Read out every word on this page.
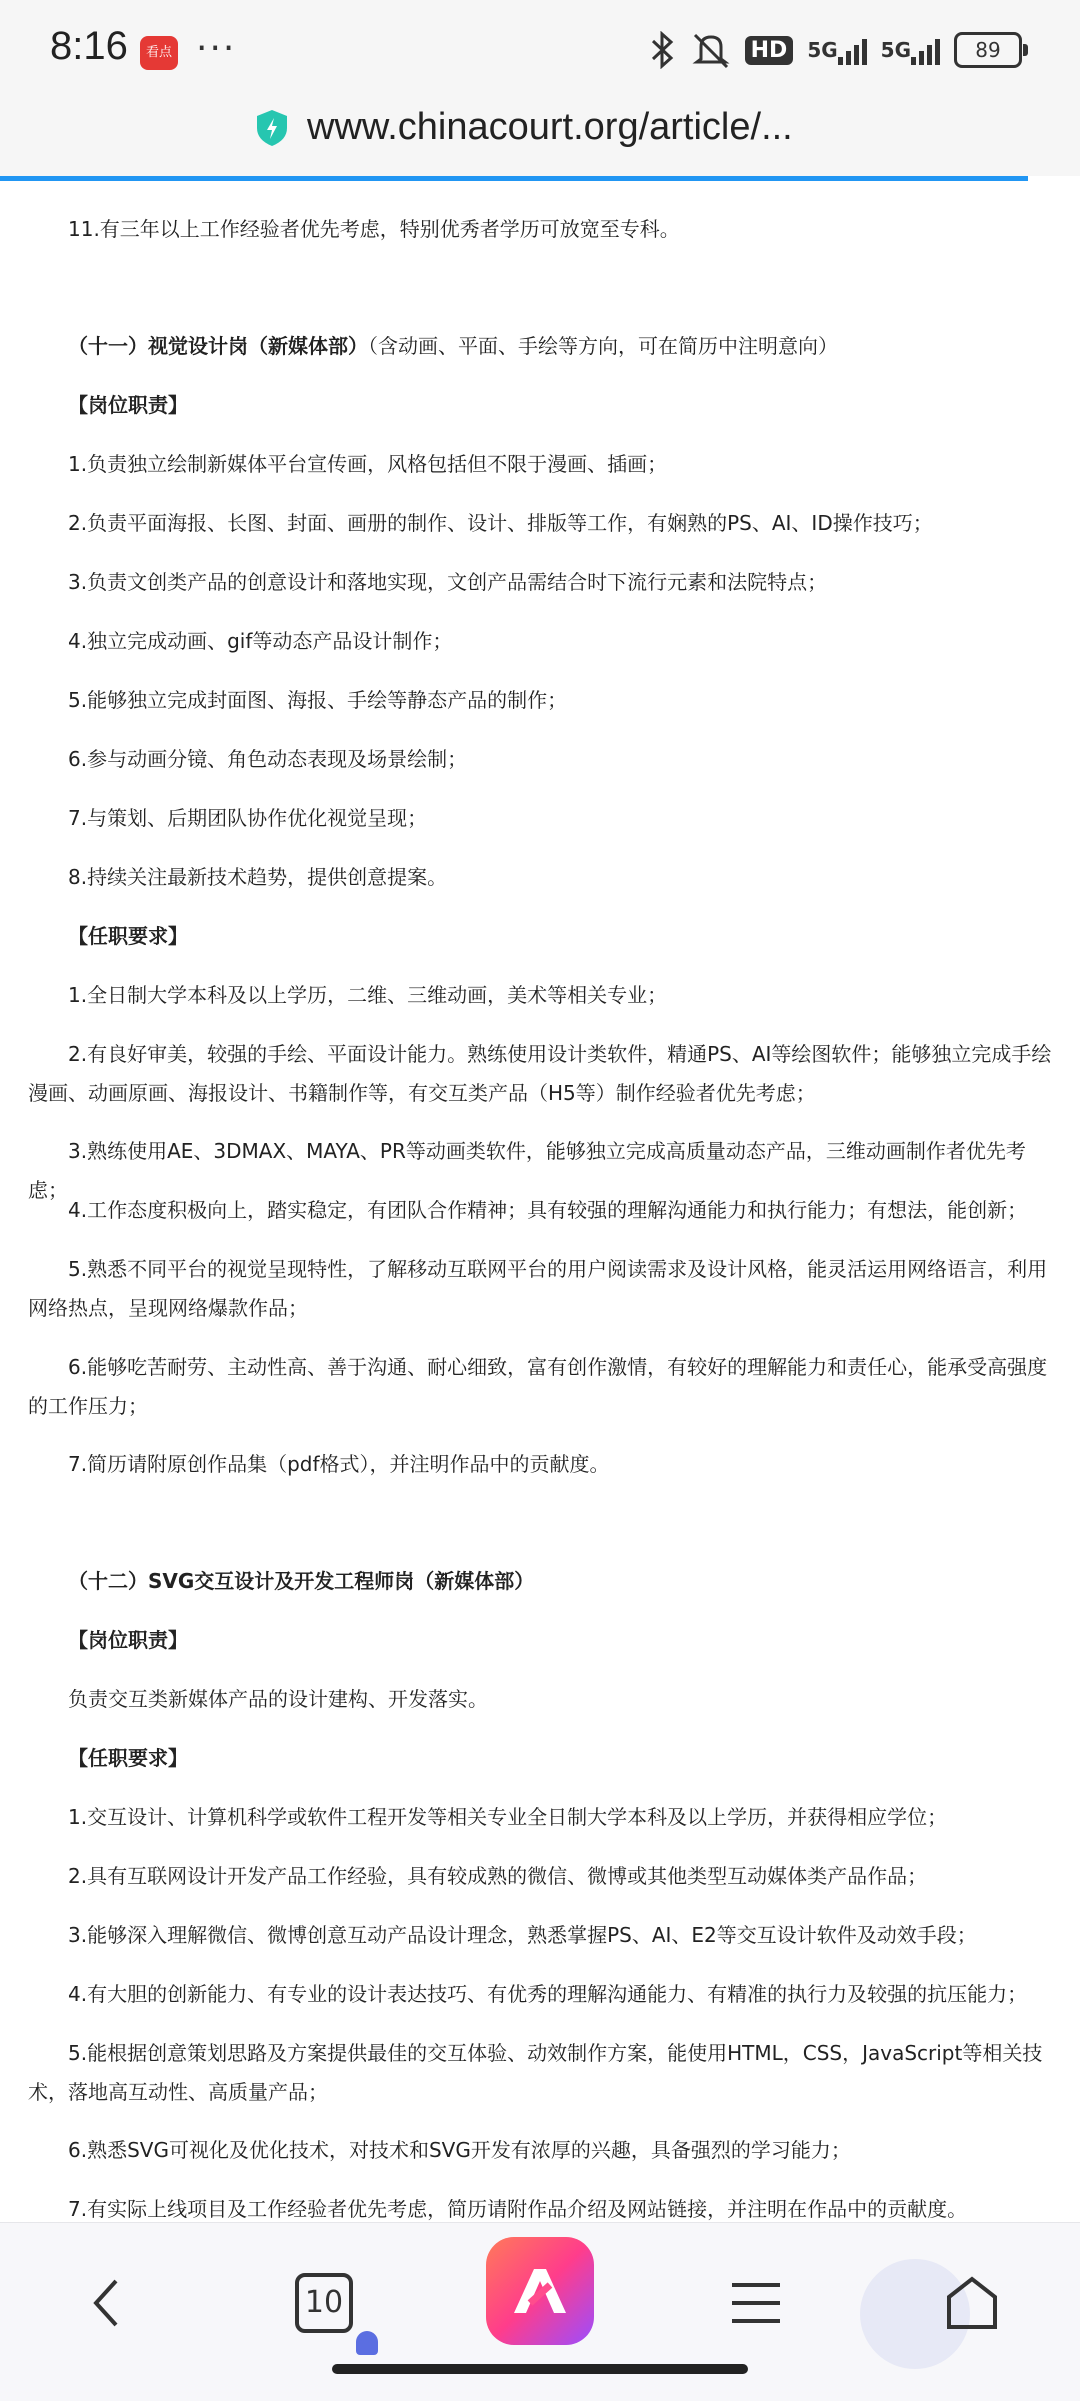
8:16	看点 ···	HD	5G 5G	89
www.chinacourt.org/article/...
11.有三年以上工作经验者优先考虑，特别优秀者学历可放宽至专科。
（十一）视觉设计岗（新媒体部）（含动画、平面、手绘等方向，可在简历中注明意向）
【岗位职责】
1.负责独立绘制新媒体平台宣传画，风格包括但不限于漫画、插画；
2.负责平面海报、长图、封面、画册的制作、设计、排版等工作，有娴熟的PS、AI、ID操作技巧；
3.负责文创类产品的创意设计和落地实现，文创产品需结合时下流行元素和法院特点；
4.独立完成动画、gif等动态产品设计制作；
5.能够独立完成封面图、海报、手绘等静态产品的制作；
6.参与动画分镜、角色动态表现及场景绘制；
7.与策划、后期团队协作优化视觉呈现；
8.持续关注最新技术趋势，提供创意提案。
【任职要求】
1.全日制大学本科及以上学历，二维、三维动画，美术等相关专业；
2.有良好审美，较强的手绘、平面设计能力。熟练使用设计类软件，精通PS、AI等绘图软件；能够独立完成手绘漫画、动画原画、海报设计、书籍制作等，有交互类产品（H5等）制作经验者优先考虑；
3.熟练使用AE、3DMAX、MAYA、PR等动画类软件，能够独立完成高质量动态产品，三维动画制作者优先考虑；
4.工作态度积极向上，踏实稳定，有团队合作精神；具有较强的理解沟通能力和执行能力；有想法，能创新；
5.熟悉不同平台的视觉呈现特性，了解移动互联网平台的用户阅读需求及设计风格，能灵活运用网络语言，利用网络热点，呈现网络爆款作品；
6.能够吃苦耐劳、主动性高、善于沟通、耐心细致，富有创作激情，有较好的理解能力和责任心，能承受高强度的工作压力；
7.简历请附原创作品集（pdf格式），并注明作品中的贡献度。
（十二）SVG交互设计及开发工程师岗（新媒体部）
【岗位职责】
负责交互类新媒体产品的设计建构、开发落实。
【任职要求】
1.交互设计、计算机科学或软件工程开发等相关专业全日制大学本科及以上学历，并获得相应学位；
2.具有互联网设计开发产品工作经验，具有较成熟的微信、微博或其他类型互动媒体类产品作品；
3.能够深入理解微信、微博创意互动产品设计理念，熟悉掌握PS、AI、E2等交互设计软件及动效手段；
4.有大胆的创新能力、有专业的设计表达技巧、有优秀的理解沟通能力、有精准的执行力及较强的抗压能力；
5.能根据创意策划思路及方案提供最佳的交互体验、动效制作方案，能使用HTML，CSS，JavaScript等相关技术，落地高互动性、高质量产品；
6.熟悉SVG可视化及优化技术，对技术和SVG开发有浓厚的兴趣，具备强烈的学习能力；
7.有实际上线项目及工作经验者优先考虑，简历请附作品介绍及网站链接，并注明在作品中的贡献度。
10
